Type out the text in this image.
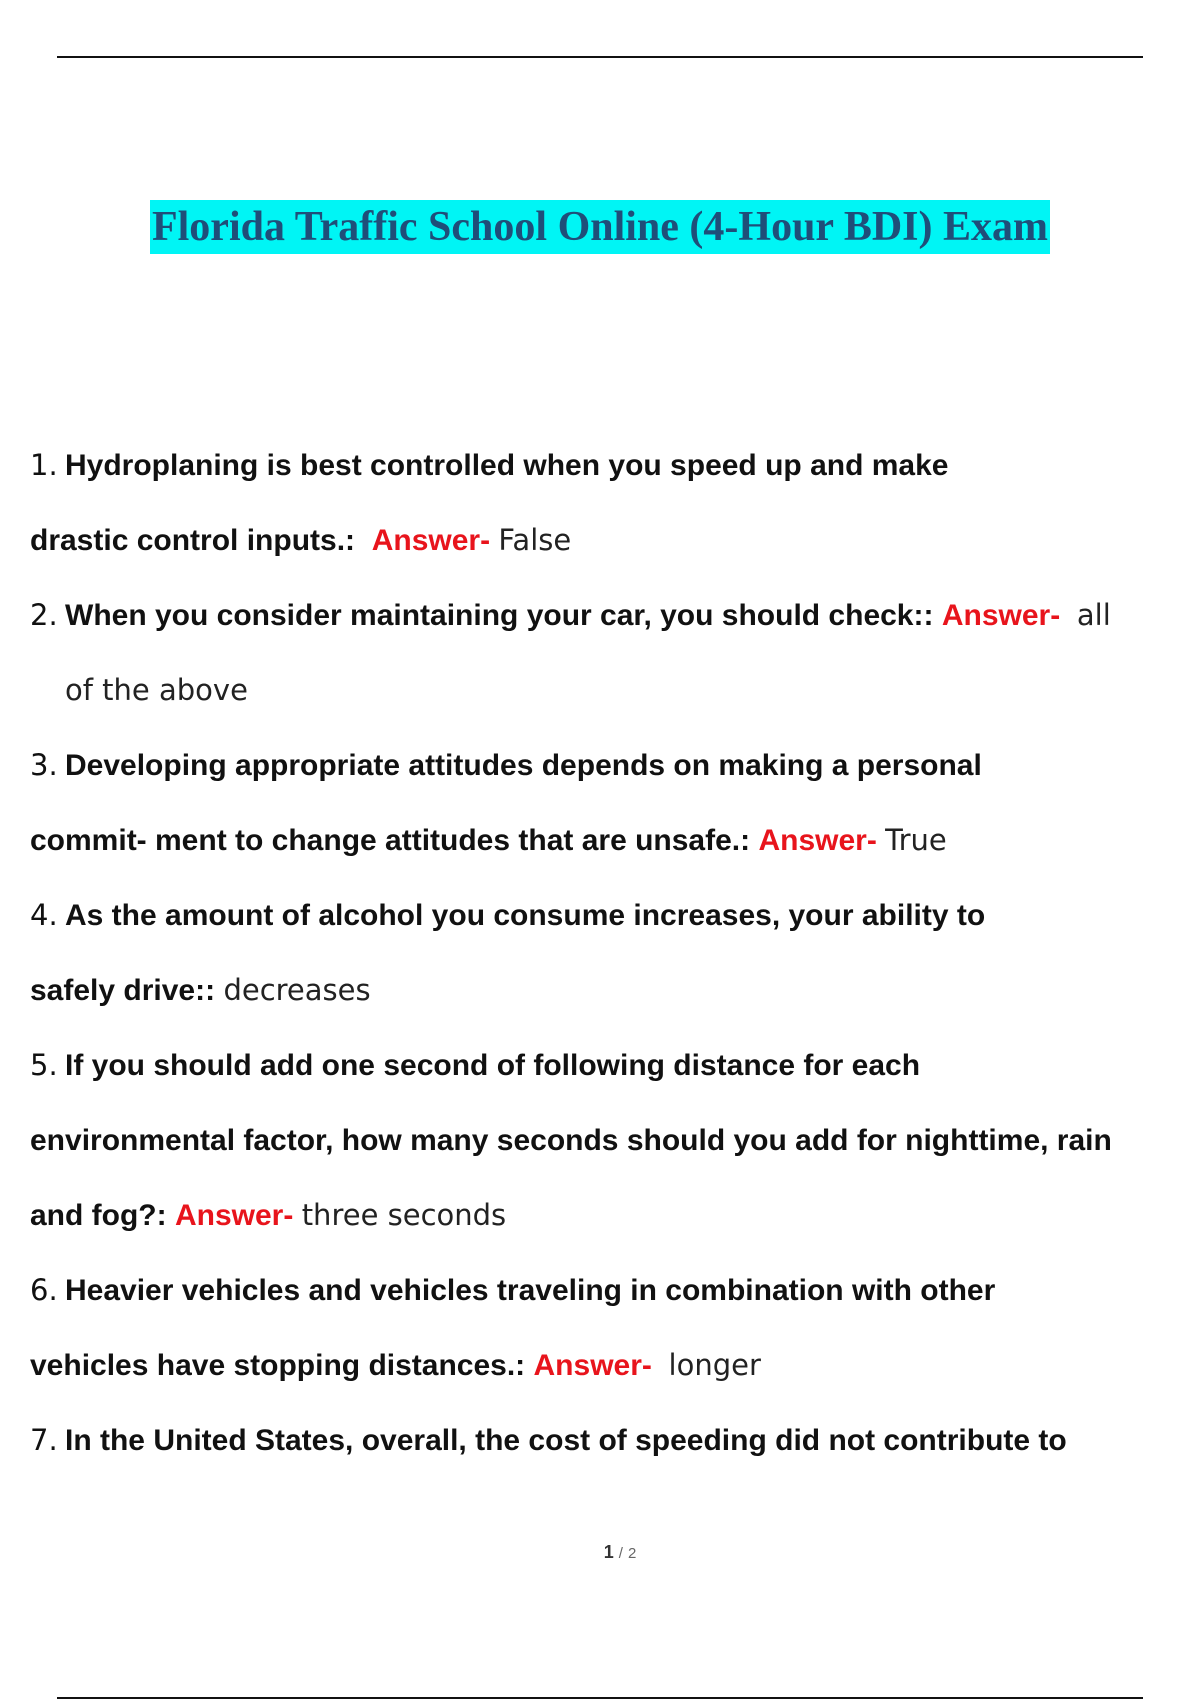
Florida Traffic School Online (4-Hour BDI) Exam
1. Hydroplaning is best controlled when you speed up and make
drastic control inputs.: Answer- False
2. When you consider maintaining your car, you should check:: Answer- all
of the above
3. Developing appropriate attitudes depends on making a personal
commit- ment to change attitudes that are unsafe.: Answer- True
4. As the amount of alcohol you consume increases, your ability to
safely drive:: decreases
5. If you should add one second of following distance for each
environmental factor, how many seconds should you add for nighttime, rain
and fog?: Answer- three seconds
6. Heavier vehicles and vehicles traveling in combination with other
vehicles have stopping distances.: Answer- longer
7. In the United States, overall, the cost of speeding did not contribute to
1 / 2
